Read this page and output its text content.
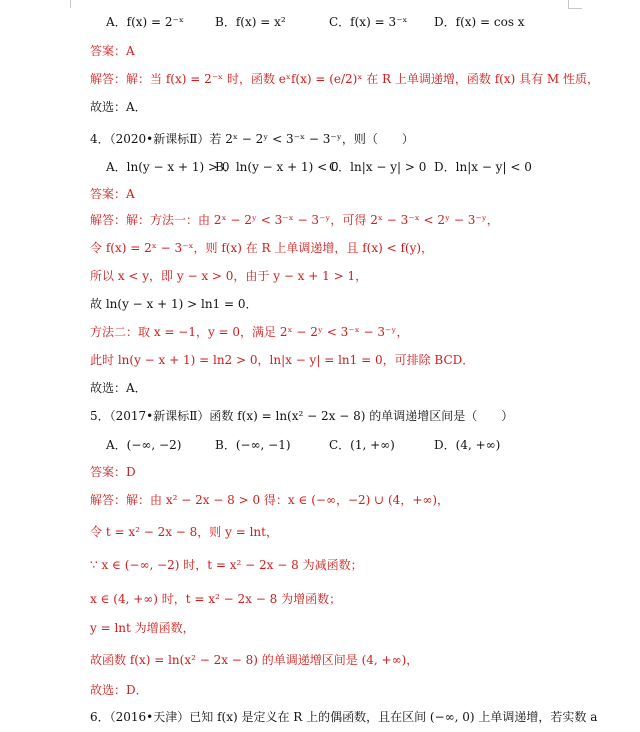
A．f(x) = 2⁻ˣ	B．f(x) = x²	C．f(x) = 3⁻ˣ D．f(x) = cos x
答案：A
解答：解：当 f(x) = 2⁻ˣ 时，函数 eˣf(x) = (e/2)ˣ 在 R 上单调递增，函数 f(x) 具有 M 性质，
故选：A．
4．（2020•新课标Ⅱ）若 2ˣ − 2ʸ < 3⁻ˣ − 3⁻ʸ，则（　　）
A．ln(y − x + 1) > 0
B．ln(y − x + 1) < 0
C．ln|x − y| > 0 D．ln|x − y| < 0
答案：A
解答：解：方法一：由 2ˣ − 2ʸ < 3⁻ˣ − 3⁻ʸ，可得 2ˣ − 3⁻ˣ < 2ʸ − 3⁻ʸ，
令 f(x) = 2ˣ − 3⁻ˣ，则 f(x) 在 R 上单调递增，且 f(x) < f(y)，
所以 x < y，即 y − x > 0，由于 y − x + 1 > 1，
故 ln(y − x + 1) > ln1 = 0．
方法二：取 x = −1，y = 0，满足 2ˣ − 2ʸ < 3⁻ˣ − 3⁻ʸ，
此时 ln(y − x + 1) = ln2 > 0，ln|x − y| = ln1 = 0，可排除 BCD．
故选：A．
5．（2017•新课标Ⅱ）函数 f(x) = ln(x² − 2x − 8) 的单调递增区间是（　　）
A．(−∞, −2)	B．(−∞, −1)	C．(1, +∞)	D．(4, +∞)
答案：D
解答：解：由 x² − 2x − 8 > 0 得：x ∈ (−∞，−2) ∪ (4，+∞)，
令 t = x² − 2x − 8，则 y = lnt，
∵ x ∈ (−∞, −2) 时，t = x² − 2x − 8 为减函数；
x ∈ (4, +∞) 时，t = x² − 2x − 8 为增函数；
y = lnt 为增函数，
故函数 f(x) = ln(x² − 2x − 8) 的单调递增区间是 (4, +∞)，
故选：D．
6．（2016•天津）已知 f(x) 是定义在 R 上的偶函数，且在区间 (−∞, 0) 上单调递增，若实数 a
